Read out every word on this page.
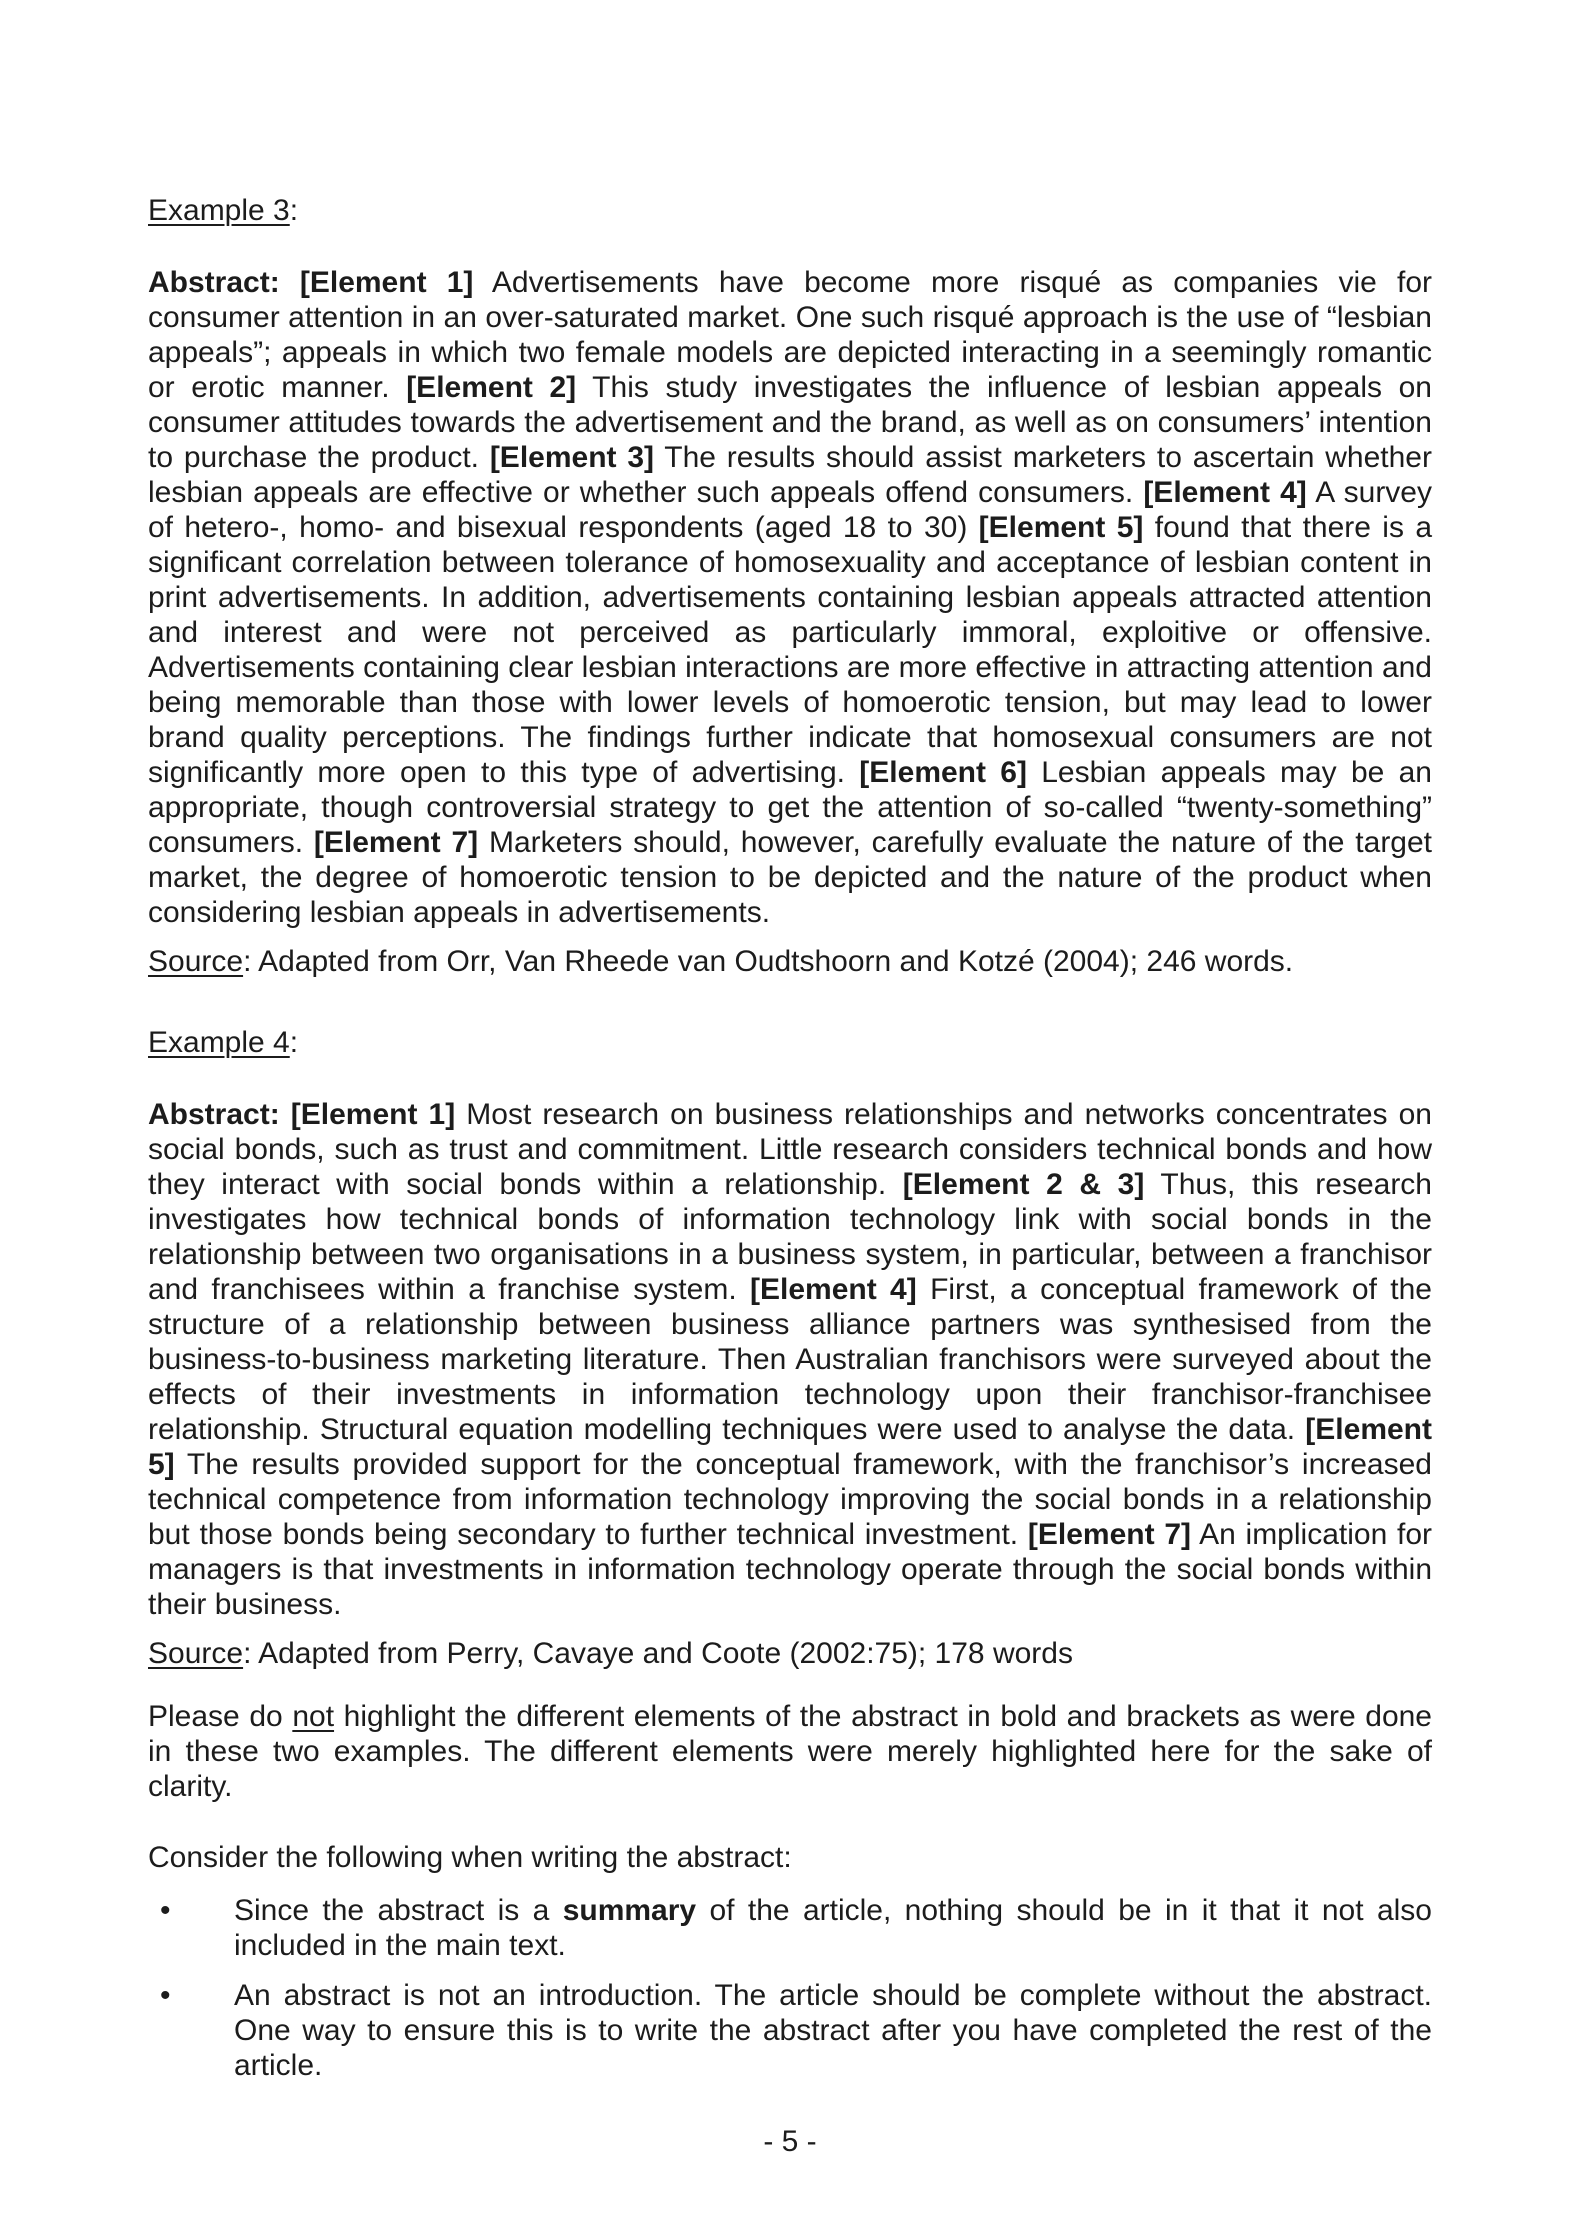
Example 3:

Abstract: [Element 1] Advertisements have become more risqué as companies vie for consumer attention in an over-saturated market. One such risqué approach is the use of “lesbian appeals”; appeals in which two female models are depicted interacting in a seemingly romantic or erotic manner. [Element 2] This study investigates the influence of lesbian appeals on consumer attitudes towards the advertisement and the brand, as well as on consumers’ intention to purchase the product. [Element 3] The results should assist marketers to ascertain whether lesbian appeals are effective or whether such appeals offend consumers. [Element 4] A survey of hetero-, homo- and bisexual respondents (aged 18 to 30) [Element 5] found that there is a significant correlation between tolerance of homosexuality and acceptance of lesbian content in print advertisements. In addition, advertisements containing lesbian appeals attracted attention and interest and were not perceived as particularly immoral, exploitive or offensive. Advertisements containing clear lesbian interactions are more effective in attracting attention and being memorable than those with lower levels of homoerotic tension, but may lead to lower brand quality perceptions. The findings further indicate that homosexual consumers are not significantly more open to this type of advertising. [Element 6] Lesbian appeals may be an appropriate, though controversial strategy to get the attention of so-called “twenty-something” consumers. [Element 7] Marketers should, however, carefully evaluate the nature of the target market, the degree of homoerotic tension to be depicted and the nature of the product when considering lesbian appeals in advertisements.

Source: Adapted from Orr, Van Rheede van Oudtshoorn and Kotzé (2004); 246 words.

Example 4:

Abstract: [Element 1] Most research on business relationships and networks concentrates on social bonds, such as trust and commitment. Little research considers technical bonds and how they interact with social bonds within a relationship. [Element 2 & 3] Thus, this research investigates how technical bonds of information technology link with social bonds in the relationship between two organisations in a business system, in particular, between a franchisor and franchisees within a franchise system. [Element 4] First, a conceptual framework of the structure of a relationship between business alliance partners was synthesised from the business-to-business marketing literature. Then Australian franchisors were surveyed about the effects of their investments in information technology upon their franchisor-franchisee relationship. Structural equation modelling techniques were used to analyse the data. [Element 5] The results provided support for the conceptual framework, with the franchisor’s increased technical competence from information technology improving the social bonds in a relationship but those bonds being secondary to further technical investment. [Element 7] An implication for managers is that investments in information technology operate through the social bonds within their business.

Source: Adapted from Perry, Cavaye and Coote (2002:75); 178 words

Please do not highlight the different elements of the abstract in bold and brackets as were done in these two examples. The different elements were merely highlighted here for the sake of clarity.

Consider the following when writing the abstract:

•	Since the abstract is a summary of the article, nothing should be in it that it not also included in the main text.
•	An abstract is not an introduction. The article should be complete without the abstract. One way to ensure this is to write the abstract after you have completed the rest of the article.
- 5 -
